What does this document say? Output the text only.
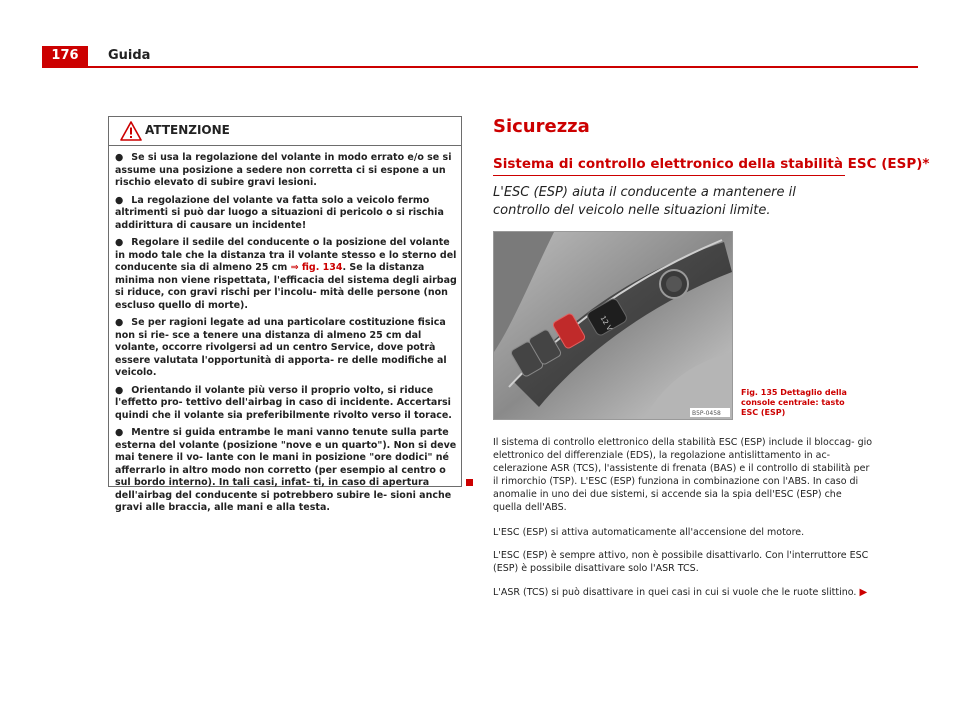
176	Guida
ATTENZIONE

● Se si usa la regolazione del volante in modo errato e/o se si assume una posizione a sedere non corretta ci si espone a un rischio elevato di subire gravi lesioni.

● La regolazione del volante va fatta solo a veicolo fermo altrimenti si può dar luogo a situazioni di pericolo o si rischia addirittura di causare un incidente!

● Regolare il sedile del conducente o la posizione del volante in modo tale che la distanza tra il volante stesso e lo sterno del conducente sia di almeno 25 cm ⇒ fig. 134. Se la distanza minima non viene rispettata, l'efficacia del sistema degli airbag si riduce, con gravi rischi per l'incolu- mità delle persone (non escluso quello di morte).

● Se per ragioni legate ad una particolare costituzione fisica non si rie- sce a tenere una distanza di almeno 25 cm dal volante, occorre rivolgersi ad un centro Service, dove potrà essere valutata l'opportunità di apporta- re delle modifiche al veicolo.

● Orientando il volante più verso il proprio volto, si riduce l'effetto pro- tettivo dell'airbag in caso di incidente. Accertarsi quindi che il volante sia preferibilmente rivolto verso il torace.

● Mentre si guida entrambe le mani vanno tenute sulla parte esterna del volante (posizione "nove e un quarto"). Non si deve mai tenere il vo- lante con le mani in posizione "ore dodici" né afferrarlo in altro modo non corretto (per esempio al centro o sul bordo interno). In tali casi, infat- ti, in caso di apertura dell'airbag del conducente si potrebbero subire le- sioni anche gravi alle braccia, alle mani e alla testa.

Sicurezza
Sistema di controllo elettronico della stabilità ESC (ESP)*
L'ESC (ESP) aiuta il conducente a mantenere il controllo del veicolo nelle situazioni limite.
12 V
B5P-0458
Fig. 135 Dettaglio della
console centrale: tasto
ESC (ESP)

Il sistema di controllo elettronico della stabilità ESC (ESP) include il bloccag- gio elettronico del differenziale (EDS), la regolazione antislittamento in ac- celerazione ASR (TCS), l'assistente di frenata (BAS) e il controllo di stabilità per il rimorchio (TSP). L'ESC (ESP) funziona in combinazione con l'ABS. In caso di anomalie in uno dei due sistemi, si accende sia la spia dell'ESC (ESP) che quella dell'ABS.

L'ESC (ESP) si attiva automaticamente all'accensione del motore.

L'ESC (ESP) è sempre attivo, non è possibile disattivarlo. Con l'interruttore ESC (ESP) è possibile disattivare solo l'ASR TCS.

L'ASR (TCS) si può disattivare in quei casi in cui si vuole che le ruote slittino. ▶
